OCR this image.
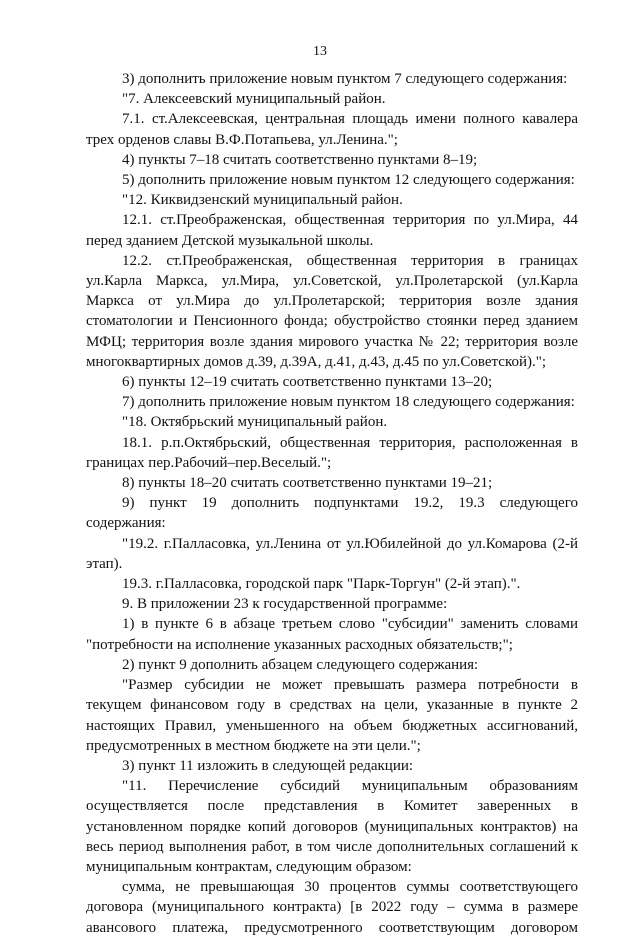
13

3) дополнить приложение новым пунктом 7 следующего содержания:

"7. Алексеевский муниципальный район.

7.1. ст.Алексеевская, центральная площадь имени полного кавалера трех орденов славы В.Ф.Потапьева, ул.Ленина.";

4) пункты 7–18 считать соответственно пунктами 8–19;

5) дополнить приложение новым пунктом 12 следующего содержания:

"12. Киквидзенский муниципальный район.

12.1. ст.Преображенская, общественная территория по ул.Мира, 44 перед зданием Детской музыкальной школы.

12.2. ст.Преображенская, общественная территория в границах ул.Карла Маркса, ул.Мира, ул.Советской, ул.Пролетарской (ул.Карла Маркса от ул.Мира до ул.Пролетарской; территория возле здания стоматологии и Пенсионного фонда; обустройство стоянки перед зданием МФЦ; территория возле здания мирового участка № 22; территория возле многоквартирных домов д.39, д.39А, д.41, д.43, д.45 по ул.Советской).";

6) пункты 12–19 считать соответственно пунктами 13–20;

7) дополнить приложение новым пунктом 18 следующего содержания:

"18. Октябрьский муниципальный район.

18.1. р.п.Октябрьский, общественная территория, расположенная в границах пер.Рабочий–пер.Веселый.";

8) пункты 18–20 считать соответственно пунктами 19–21;

9) пункт 19 дополнить подпунктами 19.2, 19.3 следующего содержания:

"19.2. г.Палласовка, ул.Ленина от ул.Юбилейной до ул.Комарова (2-й этап).

19.3. г.Палласовка, городской парк "Парк-Торгун" (2-й этап).".

9. В приложении 23 к государственной программе:

1) в пункте 6 в абзаце третьем слово "субсидии" заменить словами "потребности на исполнение указанных расходных обязательств;";

2) пункт 9 дополнить абзацем следующего содержания:

"Размер субсидии не может превышать размера потребности в текущем финансовом году в средствах на цели, указанные в пункте 2 настоящих Правил, уменьшенного на объем бюджетных ассигнований, предусмотренных в местном бюджете на эти цели.";

3) пункт 11 изложить в следующей редакции:

"11. Перечисление субсидий муниципальным образованиям осуществляется после представления в Комитет заверенных в установленном порядке копий договоров (муниципальных контрактов) на весь период выполнения работ, в том числе дополнительных соглашений к муниципальным контрактам, следующим образом:

сумма, не превышающая 30 процентов суммы соответствующего договора (муниципального контракта) [в 2022 году – сумма в размере авансового платежа, предусмотренного соответствующим договором
